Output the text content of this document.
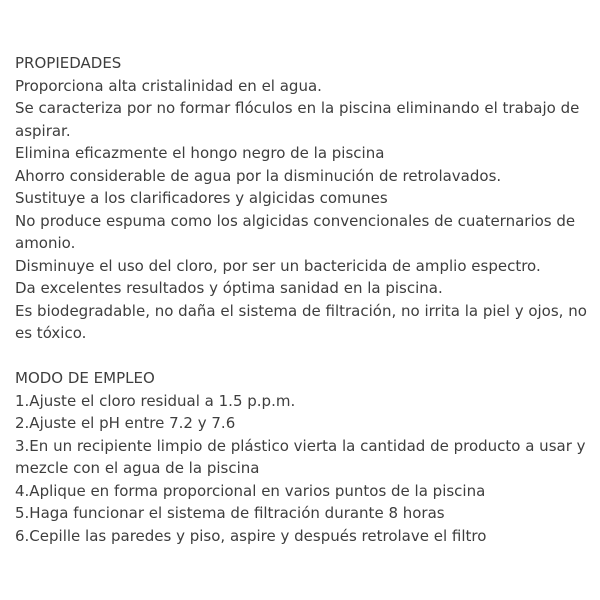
PROPIEDADES

Proporciona alta cristalinidad en el agua.

Se caracteriza por no formar flóculos en la piscina eliminando el trabajo de aspirar.

Elimina eficazmente el hongo negro de la piscina

Ahorro considerable de agua por la disminución de retrolavados.

Sustituye a los clarificadores y algicidas comunes

No produce espuma como los algicidas convencionales de cuaternarios de amonio.

Disminuye el uso del cloro, por ser un bactericida de amplio espectro.

Da excelentes resultados y óptima sanidad en la piscina.

Es biodegradable, no daña el sistema de filtración, no irrita la piel y ojos, no es tóxico.

MODO DE EMPLEO

1.Ajuste el cloro residual a 1.5 p.p.m.

2.Ajuste el pH entre 7.2 y 7.6

3.En un recipiente limpio de plástico vierta la cantidad de producto a usar y mezcle con el agua de la piscina

4.Aplique en forma proporcional en varios puntos de la piscina

5.Haga funcionar el sistema de filtración durante 8 horas

6.Cepille las paredes y piso, aspire y después retrolave el filtro
